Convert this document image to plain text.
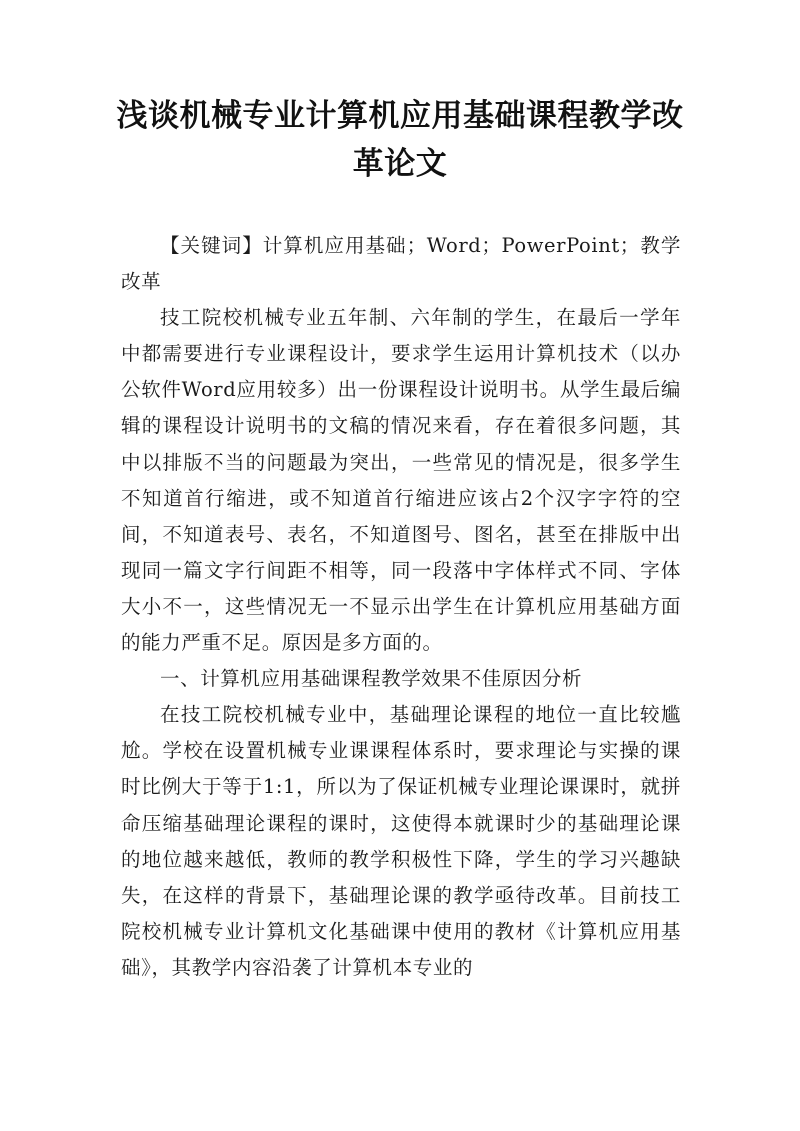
浅谈机械专业计算机应用基础课程教学改革论文

【关键词】计算机应用基础；Word；PowerPoint；教学改革

技工院校机械专业五年制、六年制的学生，在最后一学年中都需要进行专业课程设计，要求学生运用计算机技术（以办公软件Word应用较多）出一份课程设计说明书。从学生最后编辑的课程设计说明书的文稿的情况来看，存在着很多问题，其中以排版不当的问题最为突出，一些常见的情况是，很多学生不知道首行缩进，或不知道首行缩进应该占2个汉字字符的空间，不知道表号、表名，不知道图号、图名，甚至在排版中出现同一篇文字行间距不相等，同一段落中字体样式不同、字体大小不一，这些情况无一不显示出学生在计算机应用基础方面的能力严重不足。原因是多方面的。

一、计算机应用基础课程教学效果不佳原因分析

在技工院校机械专业中，基础理论课程的地位一直比较尴尬。学校在设置机械专业课课程体系时，要求理论与实操的课时比例大于等于1:1，所以为了保证机械专业理论课课时，就拼命压缩基础理论课程的课时，这使得本就课时少的基础理论课的地位越来越低，教师的教学积极性下降，学生的学习兴趣缺失，在这样的背景下，基础理论课的教学亟待改革。目前技工院校机械专业计算机文化基础课中使用的教材《计算机应用基础》，其教学内容沿袭了计算机本专业的
